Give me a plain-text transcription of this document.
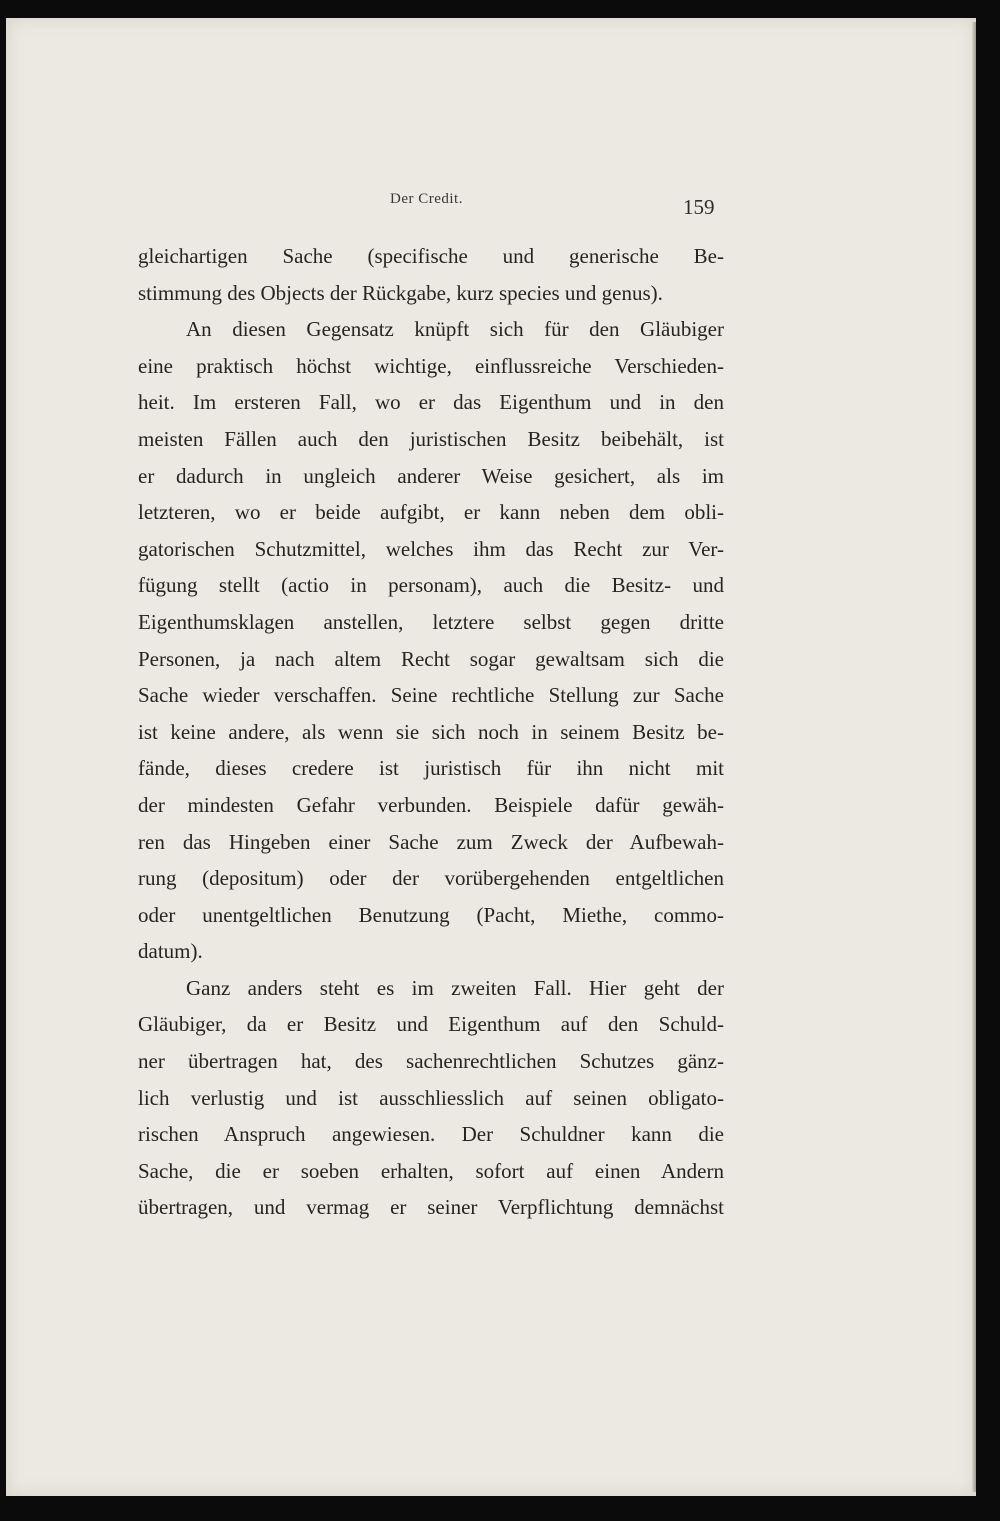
Der Credit.	159
gleichartigen Sache (specifische und generische Be-
stimmung des Objects der Rückgabe, kurz species und genus).
An diesen Gegensatz knüpft sich für den Gläubiger
eine praktisch höchst wichtige, einflussreiche Verschieden-
heit. Im ersteren Fall, wo er das Eigenthum und in den
meisten Fällen auch den juristischen Besitz beibehält, ist
er dadurch in ungleich anderer Weise gesichert, als im
letzteren, wo er beide aufgibt, er kann neben dem obli-
gatorischen Schutzmittel, welches ihm das Recht zur Ver-
fügung stellt (actio in personam), auch die Besitz- und
Eigenthumsklagen anstellen, letztere selbst gegen dritte
Personen, ja nach altem Recht sogar gewaltsam sich die
Sache wieder verschaffen. Seine rechtliche Stellung zur Sache
ist keine andere, als wenn sie sich noch in seinem Besitz be-
fände, dieses credere ist juristisch für ihn nicht mit
der mindesten Gefahr verbunden. Beispiele dafür gewäh-
ren das Hingeben einer Sache zum Zweck der Aufbewah-
rung (depositum) oder der vorübergehenden entgeltlichen
oder unentgeltlichen Benutzung (Pacht, Miethe, commo-
datum).
Ganz anders steht es im zweiten Fall. Hier geht der
Gläubiger, da er Besitz und Eigenthum auf den Schuld-
ner übertragen hat, des sachenrechtlichen Schutzes gänz-
lich verlustig und ist ausschliesslich auf seinen obligato-
rischen Anspruch angewiesen. Der Schuldner kann die
Sache, die er soeben erhalten, sofort auf einen Andern
übertragen, und vermag er seiner Verpflichtung demnächst
